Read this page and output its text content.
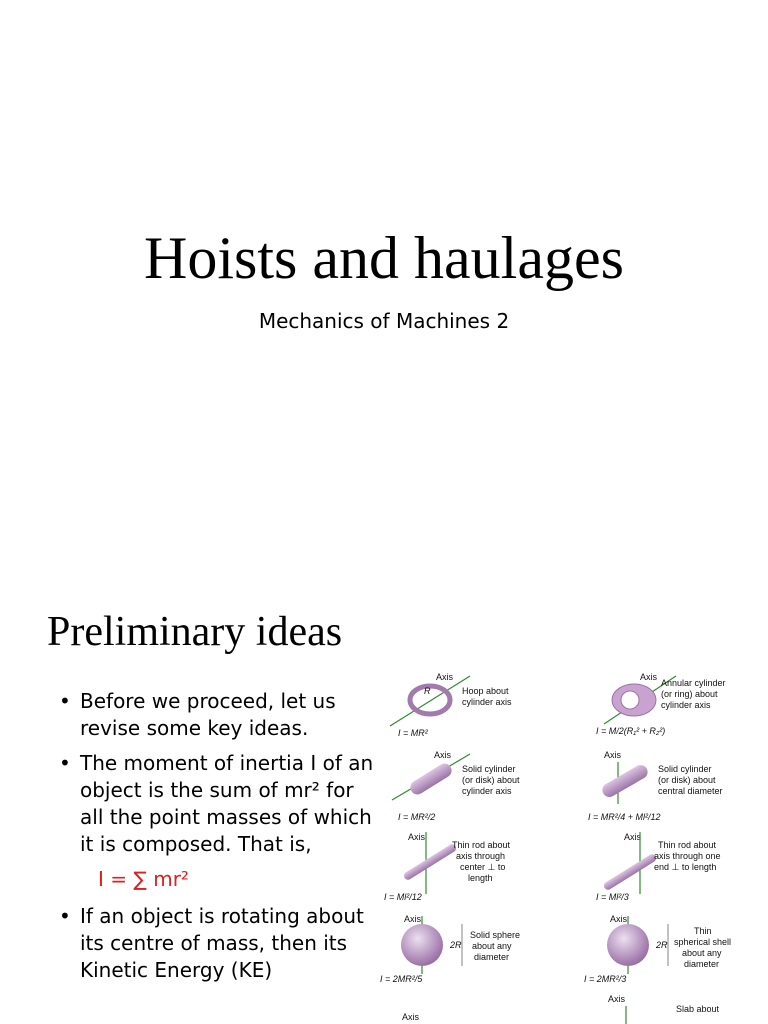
Hoists and haulages
Mechanics of Machines 2
Preliminary ideas
• Before we proceed, let us revise some key ideas.
• The moment of inertia I of an object is the sum of mr² for all the point masses of which it is composed. That is,
I = ∑ mr²
• If an object is rotating about its centre of mass, then its Kinetic Energy (KE)
Axis
R	Hoop about
cylinder axis
I = MR²
Axis
Annular cylinder
(or ring) about
cylinder axis
I = M/2(R₁² + R₂²)
Axis
Solid cylinder
(or disk) about
cylinder axis
I = MR²/2
Axis
Solid cylinder
(or disk) about
central diameter
I = MR²/4 + Ml²/12
Axis
Thin rod about
axis through
center ⊥ to
length
I = Ml²/12
Axis
Thin rod about
axis through one
end ⊥ to length
I = Ml²/3
Axis
2R
Solid sphere
about any
diameter
I = 2MR²/5
Axis
2R
Thin
spherical shell
about any
diameter
I = 2MR²/3
Axis
Axis
Slab about
